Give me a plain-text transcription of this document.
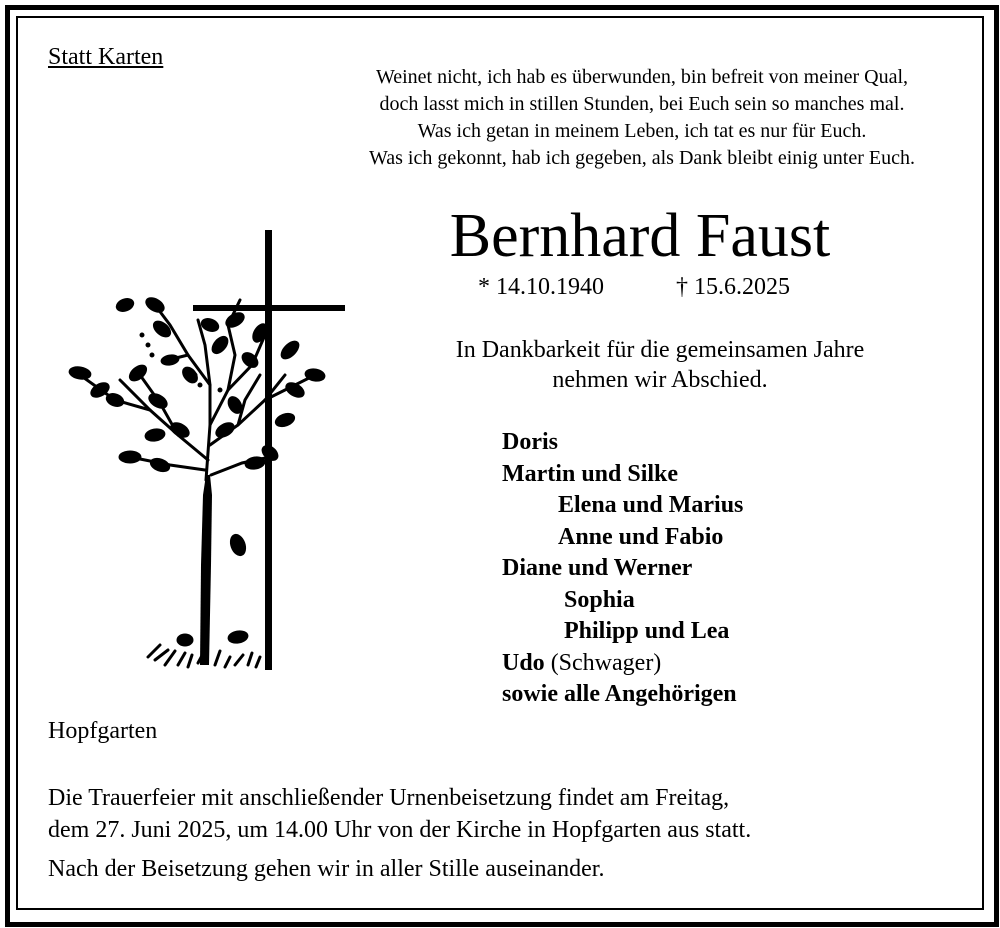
Statt Karten
Weinet nicht, ich hab es überwunden, bin befreit von meiner Qual,
doch lasst mich in stillen Stunden, bei Euch sein so manches mal.
Was ich getan in meinem Leben, ich tat es nur für Euch.
Was ich gekonnt, hab ich gegeben, als Dank bleibt einig unter Euch.
Bernhard Faust
* 14.10.1940	† 15.6.2025
In Dankbarkeit für die gemeinsamen Jahre
nehmen wir Abschied.
Doris
Martin und Silke
Elena und Marius
Anne und Fabio
Diane und Werner
Sophia
Philipp und Lea
Udo (Schwager)
sowie alle Angehörigen
Hopfgarten
Die Trauerfeier mit anschließender Urnenbeisetzung findet am Freitag,
dem 27. Juni 2025, um 14.00 Uhr von der Kirche in Hopfgarten aus statt.
Nach der Beisetzung gehen wir in aller Stille auseinander.
